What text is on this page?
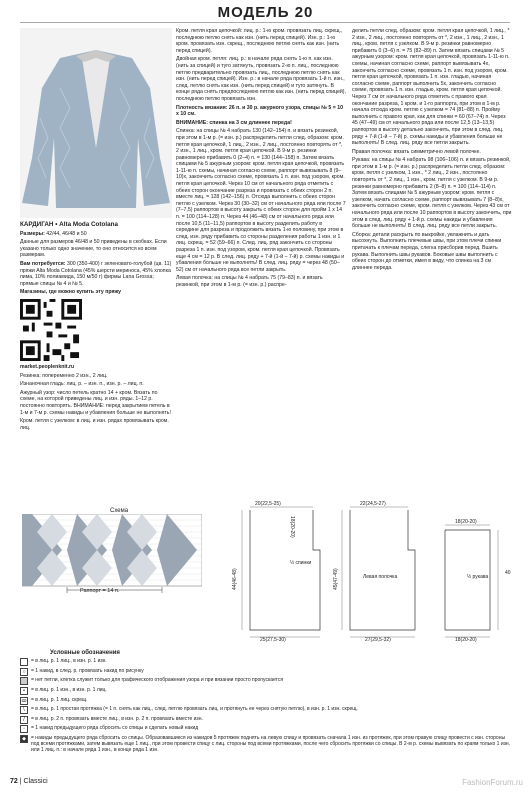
МОДЕЛЬ 20

КАРДИГАН • Alta Moda Cotolana

Размеры: 42/44, 46/48 и 50

Данные для размеров 46/48 и 50 приведены в скобках. Если указано только одно значение, то оно относится ко всем размерам.

Вам потребуется: 300 (350-400) г зеленовато-голубой (цв. 11) пряжи Alta Moda Cotolana (45% шерсти мериноса, 45% хлопка пима, 10% полиамида, 150 м/50 г) фирмы Lana Grossa; прямые спицы № 4 и № 5.

Магазины, где можно купить эту пряжу

market.peoplenknit.ru

Резинка: попеременно 2 изн., 2 лиц.

Изнаночная гладь: лиц. р. – изн. п., изн. р. – лиц. п.

Ажурный узор: число петель кратно 14 + кром. Вязать по схеме, на которой приведены лиц. и изн. ряды. 1–12 р. постоянно повторять. ВНИМАНИЕ: перед закрытием петель в 1-м и 7-м р. схемы накиды и убавления больше не выполнять!

Кром. петля с узелком: в лиц. и изн. рядах провязывать кром. лиц.

Кром. петля края цепочкой: лиц. р.: 1-ю кром. провязать лиц. скрещ., последнюю петлю снять как изн. (нить перед спицей). Изн. р.: 1-ю кром. провязать изн. скрещ., последнюю петлю снять как изн. (нить перед спицей).

Двойная кром. петля: лиц. р.: в начале ряда снять 1-ю п. как изн. (нить за спицей) и туго затянуть, провязать 2-ю п. лиц., последнюю петлю предварительно провязать лиц., последнюю петлю снять как изн. (нить перед спицей). Изн. р.: в начале ряда провязать 1-й п. изн., след. петлю снять как изн. (нить перед спицей) и туго затянуть. В конце ряда снять предпоследнюю петлю как изн. (нить перед спицей), последнюю петлю провязать изн.

Плотность вязания: 26 п. и 30 р. ажурного узора, спицы № 5 = 10 х 10 см.

ВНИМАНИЕ: спинка на 3 см длиннее переда!

Спинка: на спицы № 4 набрать 130 (142–154) п. и вязать резинкой, при этом в 1-м р. (= изн. р.) распределить петли след. образом: кром. петля края цепочкой, 1 лиц., 2 изн., 2 лиц., постоянно повторять от *, 2 изн., 1 лиц., кром. петля края цепочкой. В 9-м р. резинки равномерно прибавить 0 (2–4) п. = 130 (144–158) п. Затем вязать спицами № 5 ажурным узором: кром. петля края цепочкой, провязать 1-11-ю п. схемы, начиная согласно схеме, раппорт вывязывать 8 (9–10)х, закончить согласно схеме, провязать 1 п. изн. под узором, кром. петля края цепочкой. Через 10 см от начального ряда отметить с обеих сторон окончание разреза и провязать с обеих сторон 2 п. вместе лиц. = 128 (142–156) п. Отсюда выполнить с обеих сторон петлю с узелком. Через 30 (30–32) см от начального ряда или после 7 (7–7,5) раппортов в высоту закрыть с обеих сторон для пройм 1 х 14 п. = 100 (114–128) п. Через 44 (46–48) см от начального ряда или после 10,5 (11–11,5) раппортов в высоту разделить работу в середине для разреза и продолжить вязать 1-ю половину, при этом в след. изн. ряду прибавить со стороны разделения работы 1 изн. и 1 лиц. скрещ. = 52 (59–66) п. След. лиц. ряд закончить со стороны разреза 1 п. изн. под узором, кром. петля края цепочкой. Провязать еще 4 см = 12 р. В след. лиц. ряду + 7-й (1-й – 7-й) р. схемы накиды и убавления больше не выполнять! В след. лиц. ряду = через 48 (50–52) см от начального ряда все петли закрыть.

Левая полочка: на спицы № 4 набрать 75 (79–83) п. и вязать резинкой, при этом в 1-м р. (= изн. р.) распре-

делить петли след. образом: кром. петля края цепочкой, 1 лиц., * 2 изн., 2 лиц., постоянно повторять от *, 2 изн., 1 лиц., 2 изн., 1 лиц., кром. петля с узелком. В 9-м р. резинки равномерно прибавить 0 (3–6) п. = 75 (82–89) п. Затем вязать спицами № 5 ажурным узором: кром. петля края цепочкой, провязать 1-11-ю п. схемы, начиная согласно схеме, раппорт вывязывать 4х, закончить согласно схеме, провязать 1 п. изн. под узором, кром. петля края цепочкой, провязать 1 п. изн. гладью, начиная согласно схеме, раппорт выполнить 5х, закончить согласно схеме, провязать 1 п. изн. гладью, кром. петля края цепочкой. Через 7 см от начального ряда отметить с правого края окончание разреза, 1 кром. и 1-го раппорта, при этом в 1-м р. начала отсюда кром. петлю с узелком = 74 (81–88) п. Пройму выполнить с правого края, как для спинки = 60 (67–74) п. Через 45 (47–49) см от начального ряда или после 12,5 (13–13,5) раппортов в высоту детально закончить, при этом в след. лиц. ряду + 7-й (1-й – 7-й) р. схемы накиды и убавления больше не выполнять! В след. лиц. ряду все петли закрыть.

Правая полочка: вязать симметрично левой полочке.

Рукава: на спицы № 4 набрать 98 (106–106) п. и вязать резинкой, при этом в 1-м р. (= изн. р.) распределить петли след. образом: кром. петля с узелком, 1 изн., * 2 лиц., 2 изн., постоянно повторять от *, 2 лиц., 1 изн., кром. петля с узелком. В 9-м р. резинки равномерно прибавить 2 (8–8) п. = 100 (114–114) п. Затем вязать спицами № 5 ажурным узором: кром. петля с узелком, начать согласно схеме, раппорт вывязывать 7 (8–8)х, закончить согласно схеме, кром. петля с узелком. Через 43 см от начального ряда или после 10 раппортов в высоту закончить, при этом в след. лиц. ряду + 1-й р. схемы накиды и убавления больше не выполнять! В след. лиц. ряду все петли закрыть.

Сборка: детали раскрыть по выкройке, увлажнить и дать высохнуть. Выполнить плечевые швы, при этом плечи спинки притачать к плечам переда, слегка присборив перед. Вшить рукава. Выполнить швы рукавов. Боковые швы выполнить с обеих сторон до отметки, имея в виду, что спинка на 3 см длиннее переда.

Схема
Раппорт = 14 п.
20(22,5-25)
44(46-48)
½ спинки
18(20-20)
25(27,5-30)
22(24,5-27)
45(47-49)	Левая полочка
27(29,5-32)
18(20-20)
½ рукава
40
18(20-20)
Условные обозначения
= в лиц. р. 1 лиц., в изн. р. 1 изн.
○	= 1 накид, в след. р. провязать накид по рисунку
= нет петли, клетка служит только для графического отображения узора и при вязании просто пропускается
•	= в лиц. р. 1 изн., в изн. р. 1 лиц.
ꝏ = в лиц. р. 1 лиц. скрещ.
\	= в лиц. р. 1 простая протяжка (= 1 п. снять как лиц., след. петлю провязать лиц. и протянуть ее через снятую петлю), в изн. р. 1 изн. скрещ.
/	= в лиц. р. 2 п. провязать вместе лиц., в изн. р. 2 п. провязать вместе изн.
◦	= 1 накид предыдущего ряда сбросить со спицы и сделать новый накид
◆	= накиды предыдущего ряда сбросить со спицы. Образовавшиеся из накидов 5 протяжек поднять на левую спицу и провязать сначала 1 изн. из протяжек, при этом правую спицу провести с изн. стороны под всеми протяжками, затем вывязать еще 1 лиц., при этом провести спицу с лиц. стороны под всеми протяжками, после чего сбросить протяжки со спицы. В 2-м р. схемы вывязать по краям только 1 изн. или 1 лиц. п.: в начале ряда 1 изн., в конце ряда 1 изн.
72 | Classici	FashionForum.ru
